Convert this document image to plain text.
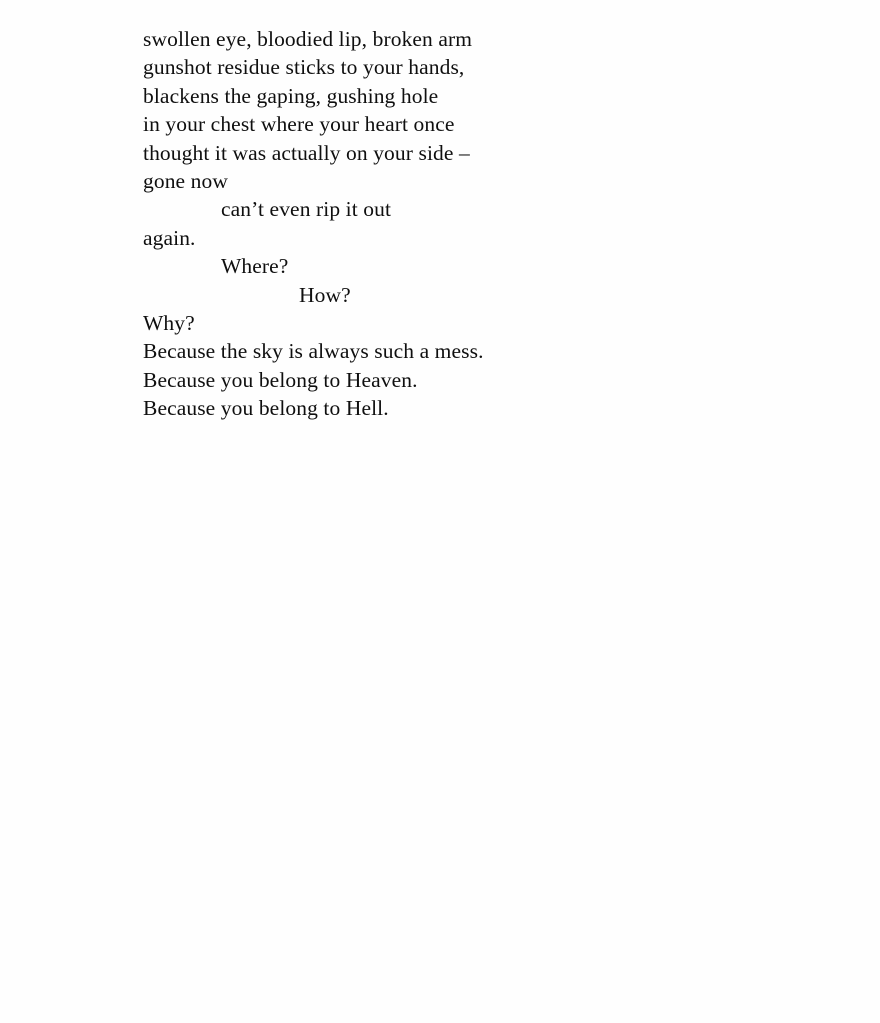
swollen eye, bloodied lip, broken arm
gunshot residue sticks to your hands,
blackens the gaping, gushing hole
in your chest where your heart once
thought it was actually on your side –
gone now
can’t even rip it out
again.
Where?
How?
Why?
Because the sky is always such a mess.
Because you belong to Heaven.
Because you belong to Hell.
